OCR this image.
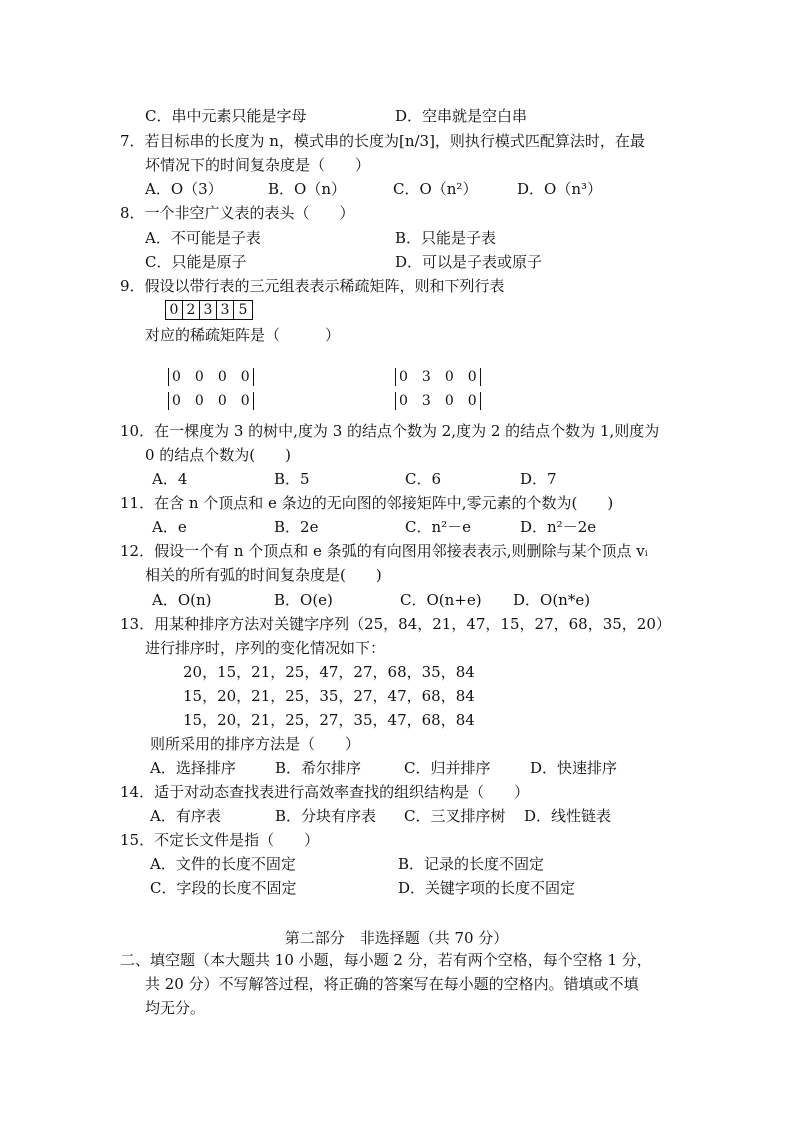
C．串中元素只能是字母	D．空串就是空白串
7．若目标串的长度为 n，模式串的长度为[n/3]，则执行模式匹配算法时，在最
坏情况下的时间复杂度是（　　）
A．O（3）	B．O（n）	C．O（n²）	D．O（n³）
8．一个非空广义表的表头（　　）
A．不可能是子表	B．只能是子表
C．只能是原子	D．可以是子表或原子
9．假设以带行表的三元组表表示稀疏矩阵，则和下列行表
0 2 3 3 5
对应的稀疏矩阵是（　　　）
0　0　0　0
0　0　0　0
0　3　0　0
0　3　0　0
10．在一棵度为 3 的树中,度为 3 的结点个数为 2,度为 2 的结点个数为 1,则度为
0 的结点个数为(　　)
A．4	B．5	C．6	D．7
11．在含 n 个顶点和 e 条边的无向图的邻接矩阵中,零元素的个数为(　　)
A．e	B．2e	C．n²－e	D．n²－2e
12．假设一个有 n 个顶点和 e 条弧的有向图用邻接表表示,则删除与某个顶点 vᵢ
相关的所有弧的时间复杂度是(　　)
A．O(n)	B．O(e)	C．O(n+e) D．O(n*e)
13．用某种排序方法对关键字序列（25，84，21，47，15，27，68，35，20）
进行排序时，序列的变化情况如下：
20，15，21，25，47，27，68，35，84
15，20，21，25，35，27，47，68，84
15，20，21，25，27，35，47，68，84
则所采用的排序方法是（　　）
A．选择排序	B．希尔排序	C．归并排序	D．快速排序
14．适于对动态查找表进行高效率查找的组织结构是（　　）
A．有序表	B．分块有序表 C．三叉排序树 D．线性链表
15．不定长文件是指（　　）
A．文件的长度不固定	B．记录的长度不固定
C．字段的长度不固定	D．关键字项的长度不固定
第二部分　非选择题（共 70 分）
二、填空题（本大题共 10 小题，每小题 2 分，若有两个空格，每个空格 1 分，
共 20 分）不写解答过程，将正确的答案写在每小题的空格内。错填或不填
均无分。
